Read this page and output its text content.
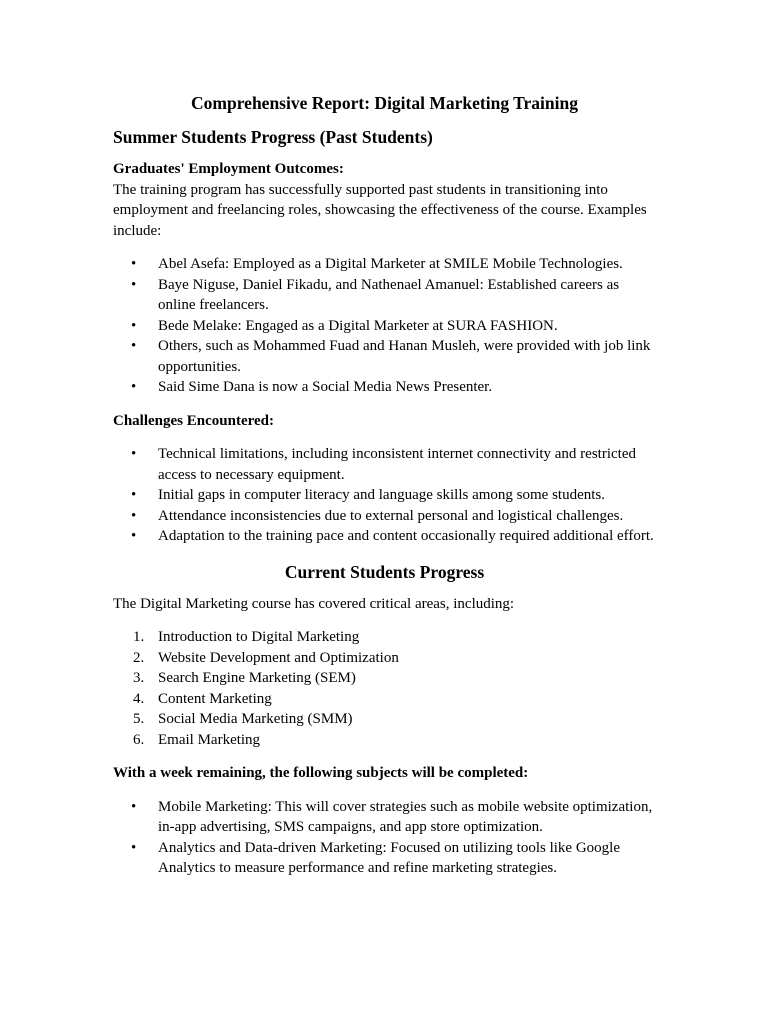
Comprehensive Report: Digital Marketing Training
Summer Students Progress (Past Students)
Graduates' Employment Outcomes:

The training program has successfully supported past students in transitioning into employment and freelancing roles, showcasing the effectiveness of the course. Examples include:

• Abel Asefa: Employed as a Digital Marketer at SMILE Mobile Technologies.
• Baye Niguse, Daniel Fikadu, and Nathenael Amanuel: Established careers as online freelancers.
• Bede Melake: Engaged as a Digital Marketer at SURA FASHION.
• Others, such as Mohammed Fuad and Hanan Musleh, were provided with job link opportunities.
• Said Sime Dana is now a Social Media News Presenter.

Challenges Encountered:

• Technical limitations, including inconsistent internet connectivity and restricted access to necessary equipment.
• Initial gaps in computer literacy and language skills among some students.
• Attendance inconsistencies due to external personal and logistical challenges.
• Adaptation to the training pace and content occasionally required additional effort.
Current Students Progress

The Digital Marketing course has covered critical areas, including:

1. Introduction to Digital Marketing
2. Website Development and Optimization
3. Search Engine Marketing (SEM)
4. Content Marketing
5. Social Media Marketing (SMM)
6. Email Marketing

With a week remaining, the following subjects will be completed:

• Mobile Marketing: This will cover strategies such as mobile website optimization, in-app advertising, SMS campaigns, and app store optimization.
• Analytics and Data-driven Marketing: Focused on utilizing tools like Google Analytics to measure performance and refine marketing strategies.
